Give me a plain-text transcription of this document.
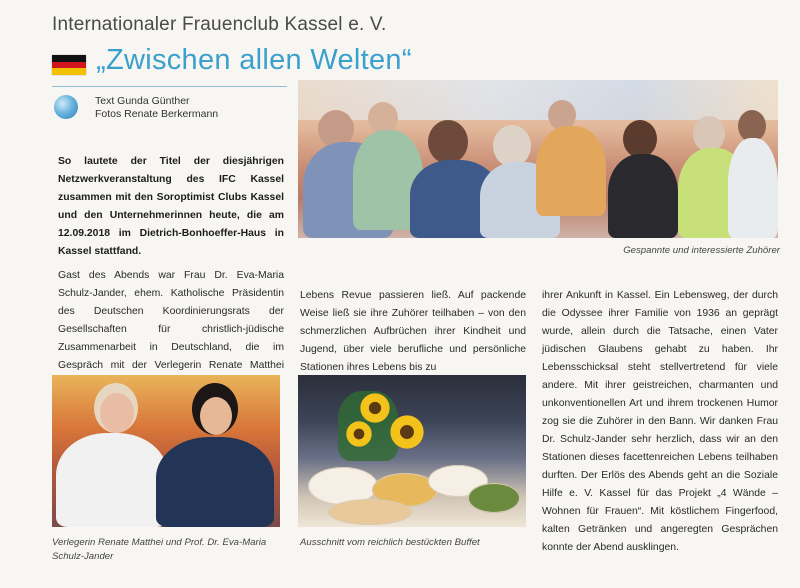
Internationaler Frauenclub Kassel e. V.
„Zwischen allen Welten“
Text Gunda Günther
Fotos Renate Berkermann
So lautete der Titel der diesjährigen Netzwerkveranstaltung des IFC Kassel zusammen mit den Soroptimist Clubs Kassel und den Unternehmerinnen heute, die am 12.09.2018 im Dietrich-Bonhoeffer-Haus in Kassel stattfand.	Gespannte und interessierte Zuhörer
Gast des Abends war Frau Dr. Eva-Maria Schulz-Jander, ehem. Katholische Präsidentin des Deutschen Koordinierungsrats der Gesellschaften für christlich-jüdische Zusammenarbeit in Deutschland, die im Gespräch mit der Verlegerin Renate Matthei
Lebens Revue passieren ließ. Auf packende Weise ließ sie ihre Zuhörer teilhaben – von den schmerzlichen Aufbrüchen ihrer Kindheit und Jugend, über viele berufliche und persönliche Stationen ihres Lebens bis zu
ihrer Ankunft in Kassel. Ein Lebensweg, der durch die Odyssee ihrer Familie von 1936 an geprägt wurde, allein durch die Tatsache, einen Vater jüdischen Glaubens gehabt zu haben. Ihr Lebensschicksal steht stellvertretend für viele andere. Mit ihrer geistreichen, charmanten und unkonventionellen Art und ihrem trockenen Humor zog sie die Zuhörer in den Bann. Wir danken Frau Dr. Schulz-Jander sehr herzlich, dass wir an den Stationen dieses facettenreichen Lebens teilhaben durften. Der Erlös des Abends geht an die Soziale Hilfe e. V. Kassel für das Projekt „4 Wände – Wohnen für Frauen“. Mit köstlichem Fingerfood, kalten Getränken und angeregten Gesprächen konnte der Abend ausklingen.
Verlegerin Renate Matthei und Prof. Dr. Eva-Maria Schulz-Jander
Ausschnitt vom reichlich bestückten Buffet
